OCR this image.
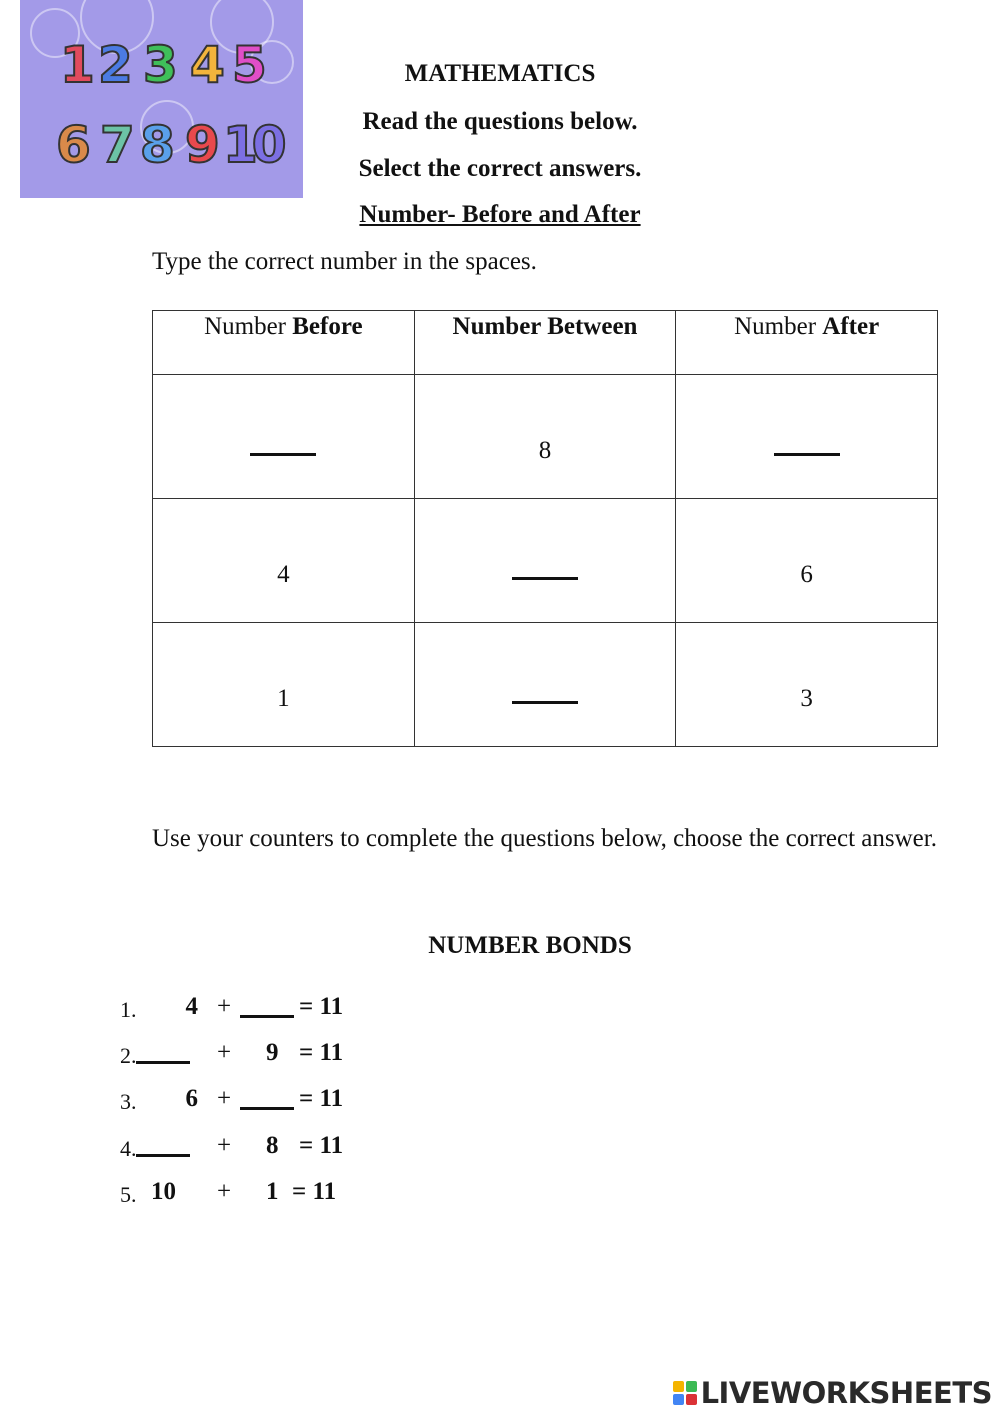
1 2 3 4 5
6 7 8 9 10
MATHEMATICS
Read the questions below.
Select the correct answers.
Number- Before and After
Type the correct number in the spaces.
Number Before	Number Between	Number After
	8	
4		6
1		3
Use your counters to complete the questions below, choose the correct answer.
NUMBER BONDS
1.	4 +	= 11
2.	+ 9 = 11
3.	6 +	= 11
4.	+ 8 = 11
5. 10	+ 1 = 11
LIVEWORKSHEETS
